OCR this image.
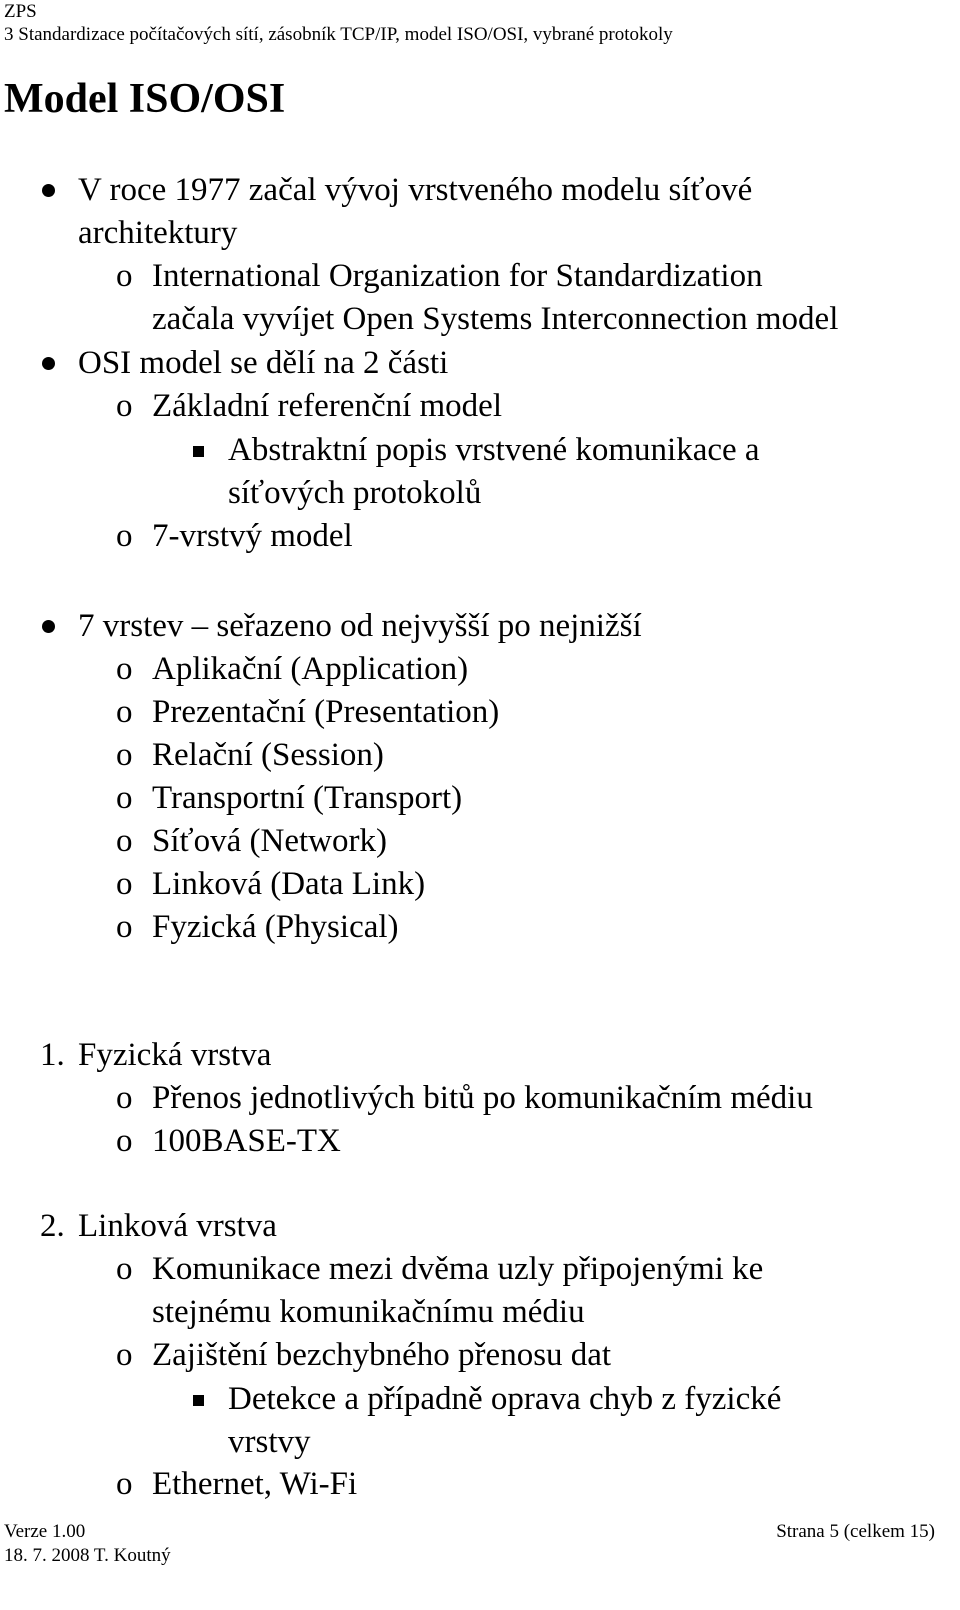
ZPS
3 Standardizace počítačových sítí, zásobník TCP/IP, model ISO/OSI, vybrané protokoly
Model ISO/OSI
V roce 1977 začal vývoj vrstveného modelu síťové
architektury
o International Organization for Standardization
začala vyvíjet Open Systems Interconnection model
OSI model se dělí na 2 části
o Základní referenční model
Abstraktní popis vrstvené komunikace a
síťových protokolů
o 7-vrstvý model
7 vrstev – seřazeno od nejvyšší po nejnižší
o Aplikační (Application)
o Prezentační (Presentation)
o Relační (Session)
o Transportní (Transport)
o Síťová (Network)
o Linková (Data Link)
o Fyzická (Physical)
1. Fyzická vrstva
o Přenos jednotlivých bitů po komunikačním médiu
o 100BASE-TX
2. Linková vrstva
o Komunikace mezi dvěma uzly připojenými ke
stejnému komunikačnímu médiu
o Zajištění bezchybného přenosu dat
Detekce a případně oprava chyb z fyzické
vrstvy
o Ethernet, Wi-Fi
Verze 1.00
18. 7. 2008 T. Koutný
Strana 5 (celkem 15)
